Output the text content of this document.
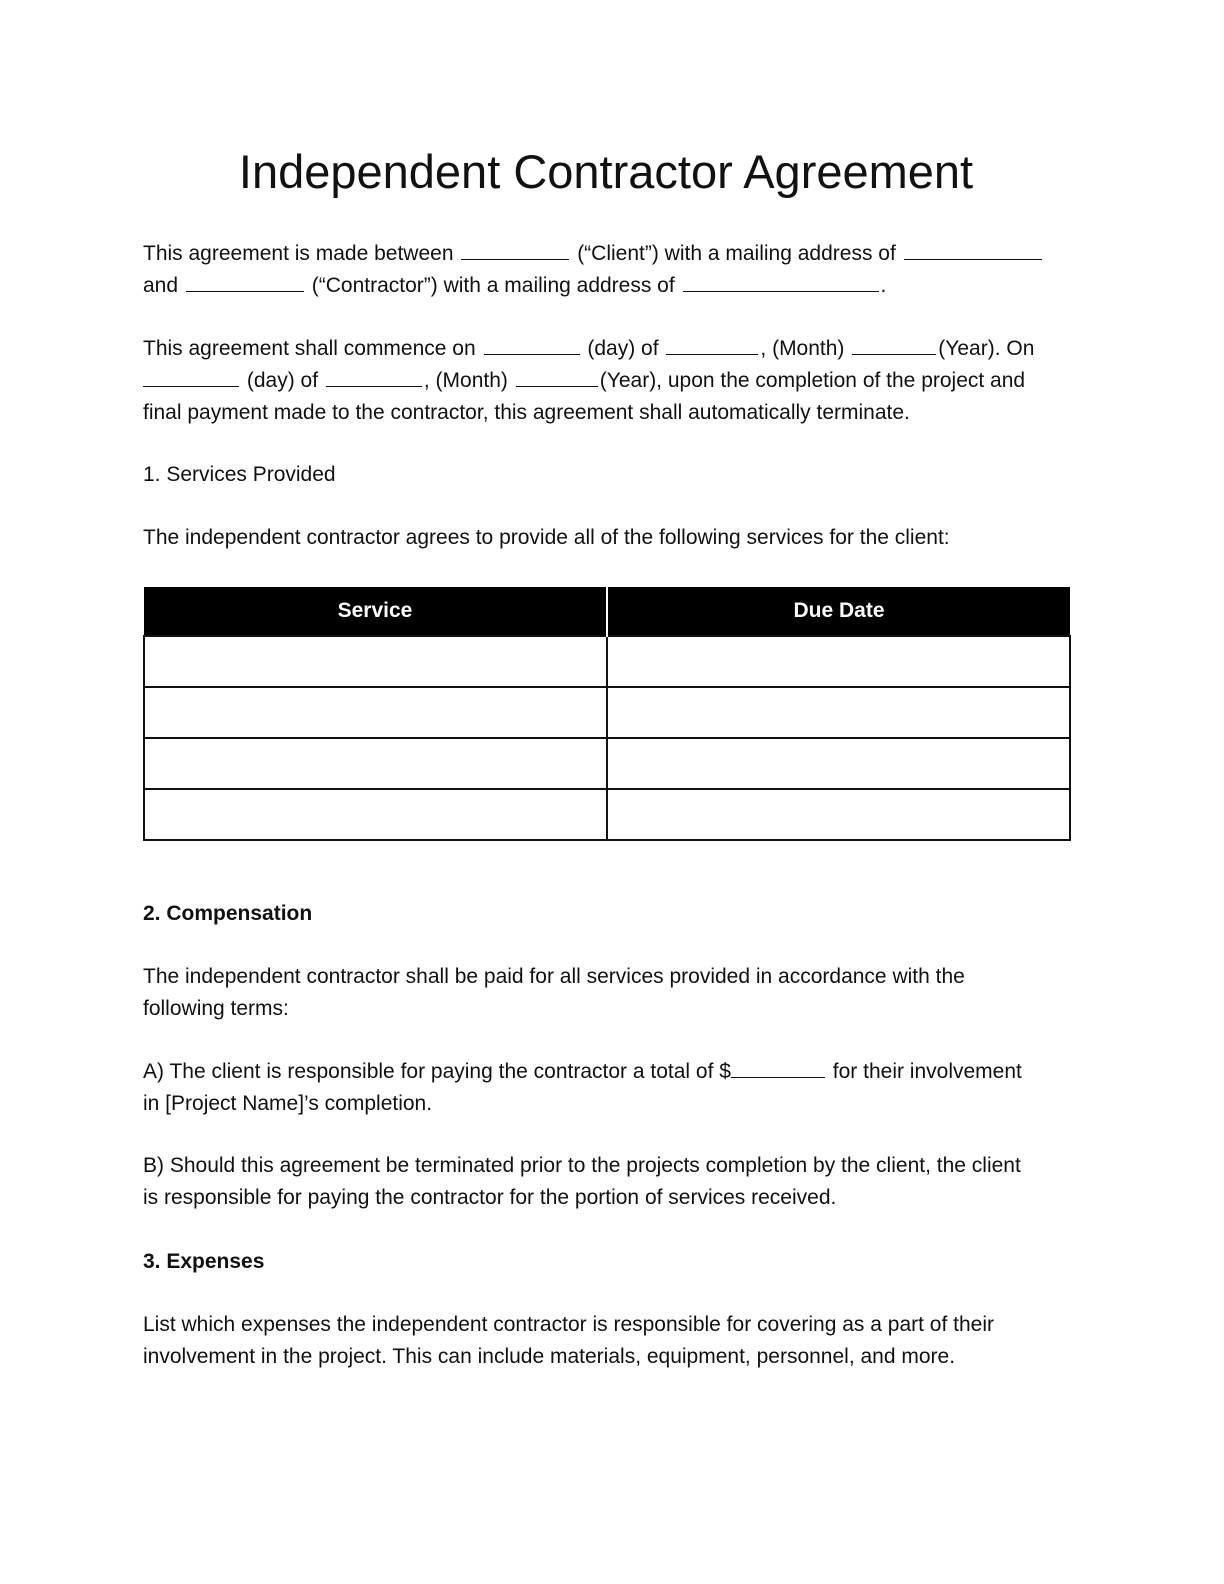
Independent Contractor Agreement
This agreement is made between	(“Client”) with a mailing address of
and	(“Contractor”) with a mailing address of	.
This agreement shall commence on	(day) of	, (Month)	(Year). On
(day) of	, (Month)	(Year), upon the completion of the project and
final payment made to the contractor, this agreement shall automatically terminate.
1. Services Provided
The independent contractor agrees to provide all of the following services for the client:
Service	Due Date

2. Compensation
The independent contractor shall be paid for all services provided in accordance with the
following terms:
A) The client is responsible for paying the contractor a total of $	for their involvement
in [Project Name]’s completion.
B) Should this agreement be terminated prior to the projects completion by the client, the client
is responsible for paying the contractor for the portion of services received.
3. Expenses
List which expenses the independent contractor is responsible for covering as a part of their
involvement in the project. This can include materials, equipment, personnel, and more.
